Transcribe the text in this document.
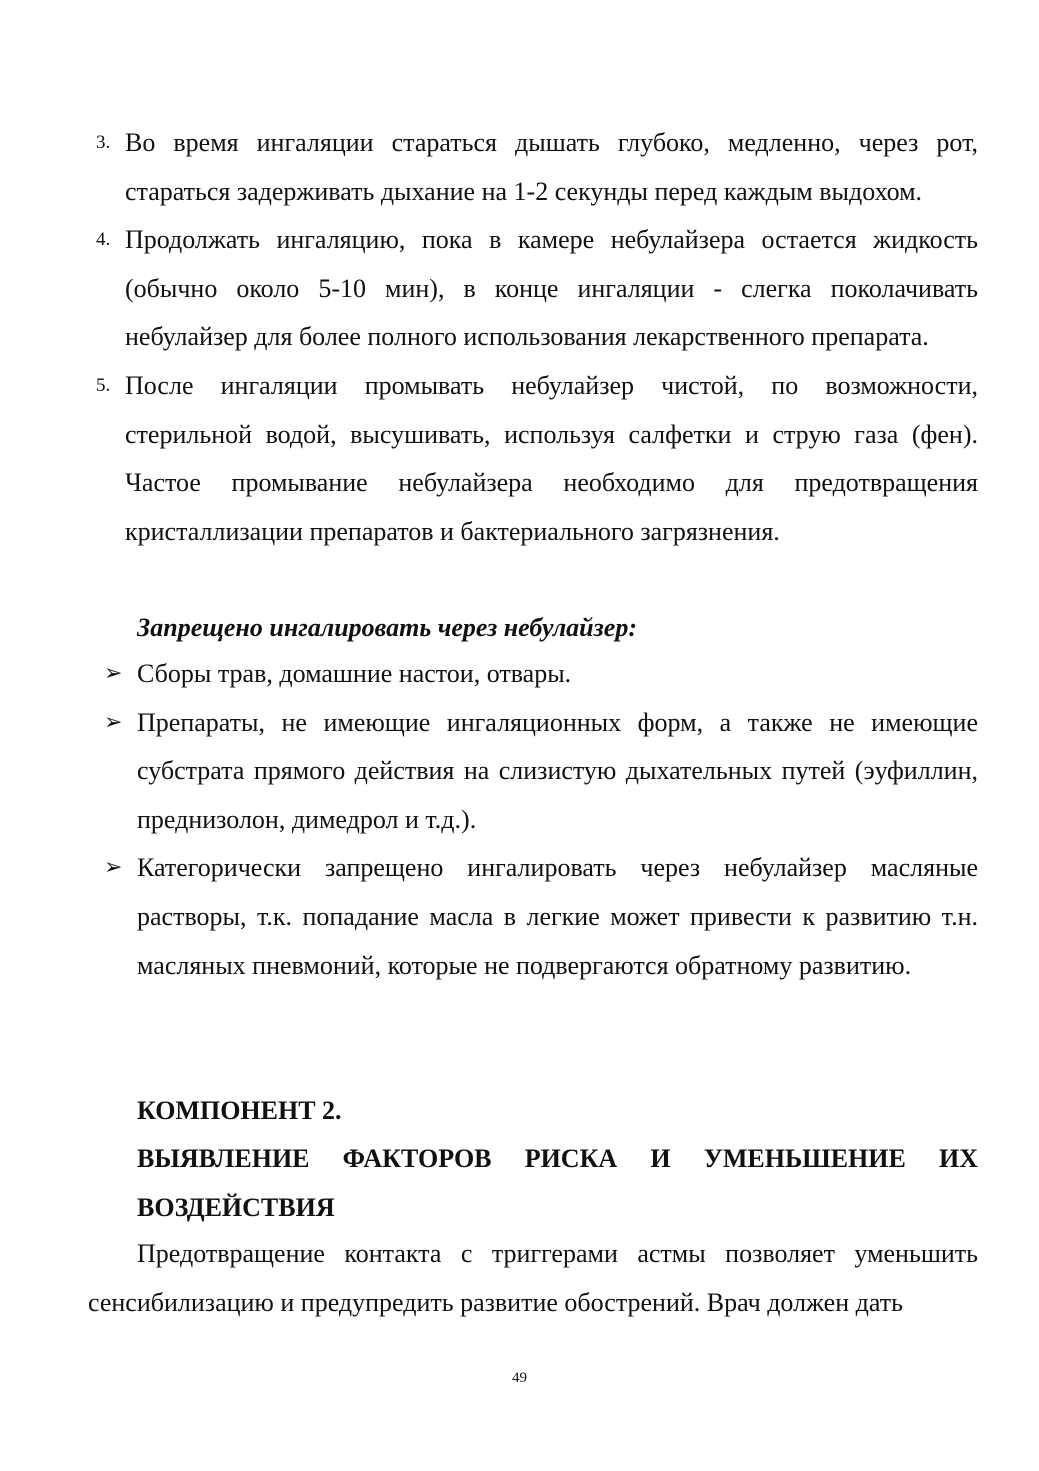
3. Во время ингаляции стараться дышать глубоко, медленно, через рот, стараться задерживать дыхание на 1-2 секунды перед каждым выдохом.
4. Продолжать ингаляцию, пока в камере небулайзера остается жидкость (обычно около 5-10 мин), в конце ингаляции - слегка поколачивать небулайзер для более полного использования лекарственного препарата.
5. После ингаляции промывать небулайзер чистой, по возможности, стерильной водой, высушивать, используя салфетки и струю газа (фен). Частое промывание небулайзера необходимо для предотвращения кристаллизации препаратов и бактериального загрязнения.
Запрещено ингалировать через небулайзер:
➢ Сборы трав, домашние настои, отвары.
➢ Препараты, не имеющие ингаляционных форм, а также не имеющие субстрата прямого действия на слизистую дыхательных путей (эуфиллин, преднизолон, димедрол и т.д.).
➢ Категорически запрещено ингалировать через небулайзер масляные растворы, т.к. попадание масла в легкие может привести к развитию т.н. масляных пневмоний, которые не подвергаются обратному развитию.
КОМПОНЕНТ 2.
ВЫЯВЛЕНИЕ ФАКТОРОВ РИСКА И УМЕНЬШЕНИЕ ИХ ВОЗДЕЙСТВИЯ

Предотвращение контакта с триггерами астмы позволяет уменьшить сенсибилизацию и предупредить развитие обострений. Врач должен дать

49
